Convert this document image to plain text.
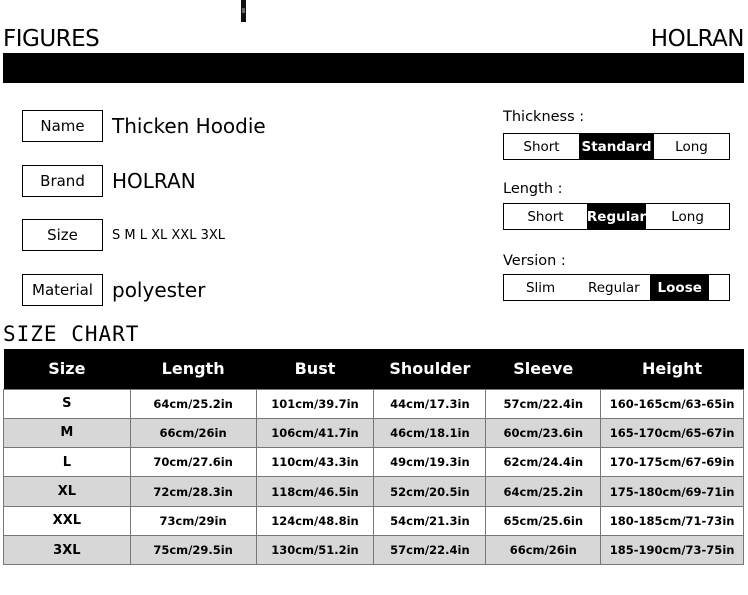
FIGURES	HOLRAN
Name	Thicken Hoodie
Brand	HOLRAN
Size	S M L XL XXL 3XL
Material polyester
Thickness :
Short	Standard	Long
Length :
Short	Regular	Long
Version :
Slim	Regular	Loose
SIZE CHART
Size	Length	Bust	Shoulder	Sleeve	Height
S	64cm/25.2in	101cm/39.7in	44cm/17.3in	57cm/22.4in	160-165cm/63-65in
M	66cm/26in	106cm/41.7in	46cm/18.1in	60cm/23.6in	165-170cm/65-67in
L	70cm/27.6in	110cm/43.3in	49cm/19.3in	62cm/24.4in	170-175cm/67-69in
XL	72cm/28.3in	118cm/46.5in	52cm/20.5in	64cm/25.2in	175-180cm/69-71in
XXL	73cm/29in	124cm/48.8in	54cm/21.3in	65cm/25.6in	180-185cm/71-73in
3XL	75cm/29.5in	130cm/51.2in	57cm/22.4in	66cm/26in	185-190cm/73-75in
